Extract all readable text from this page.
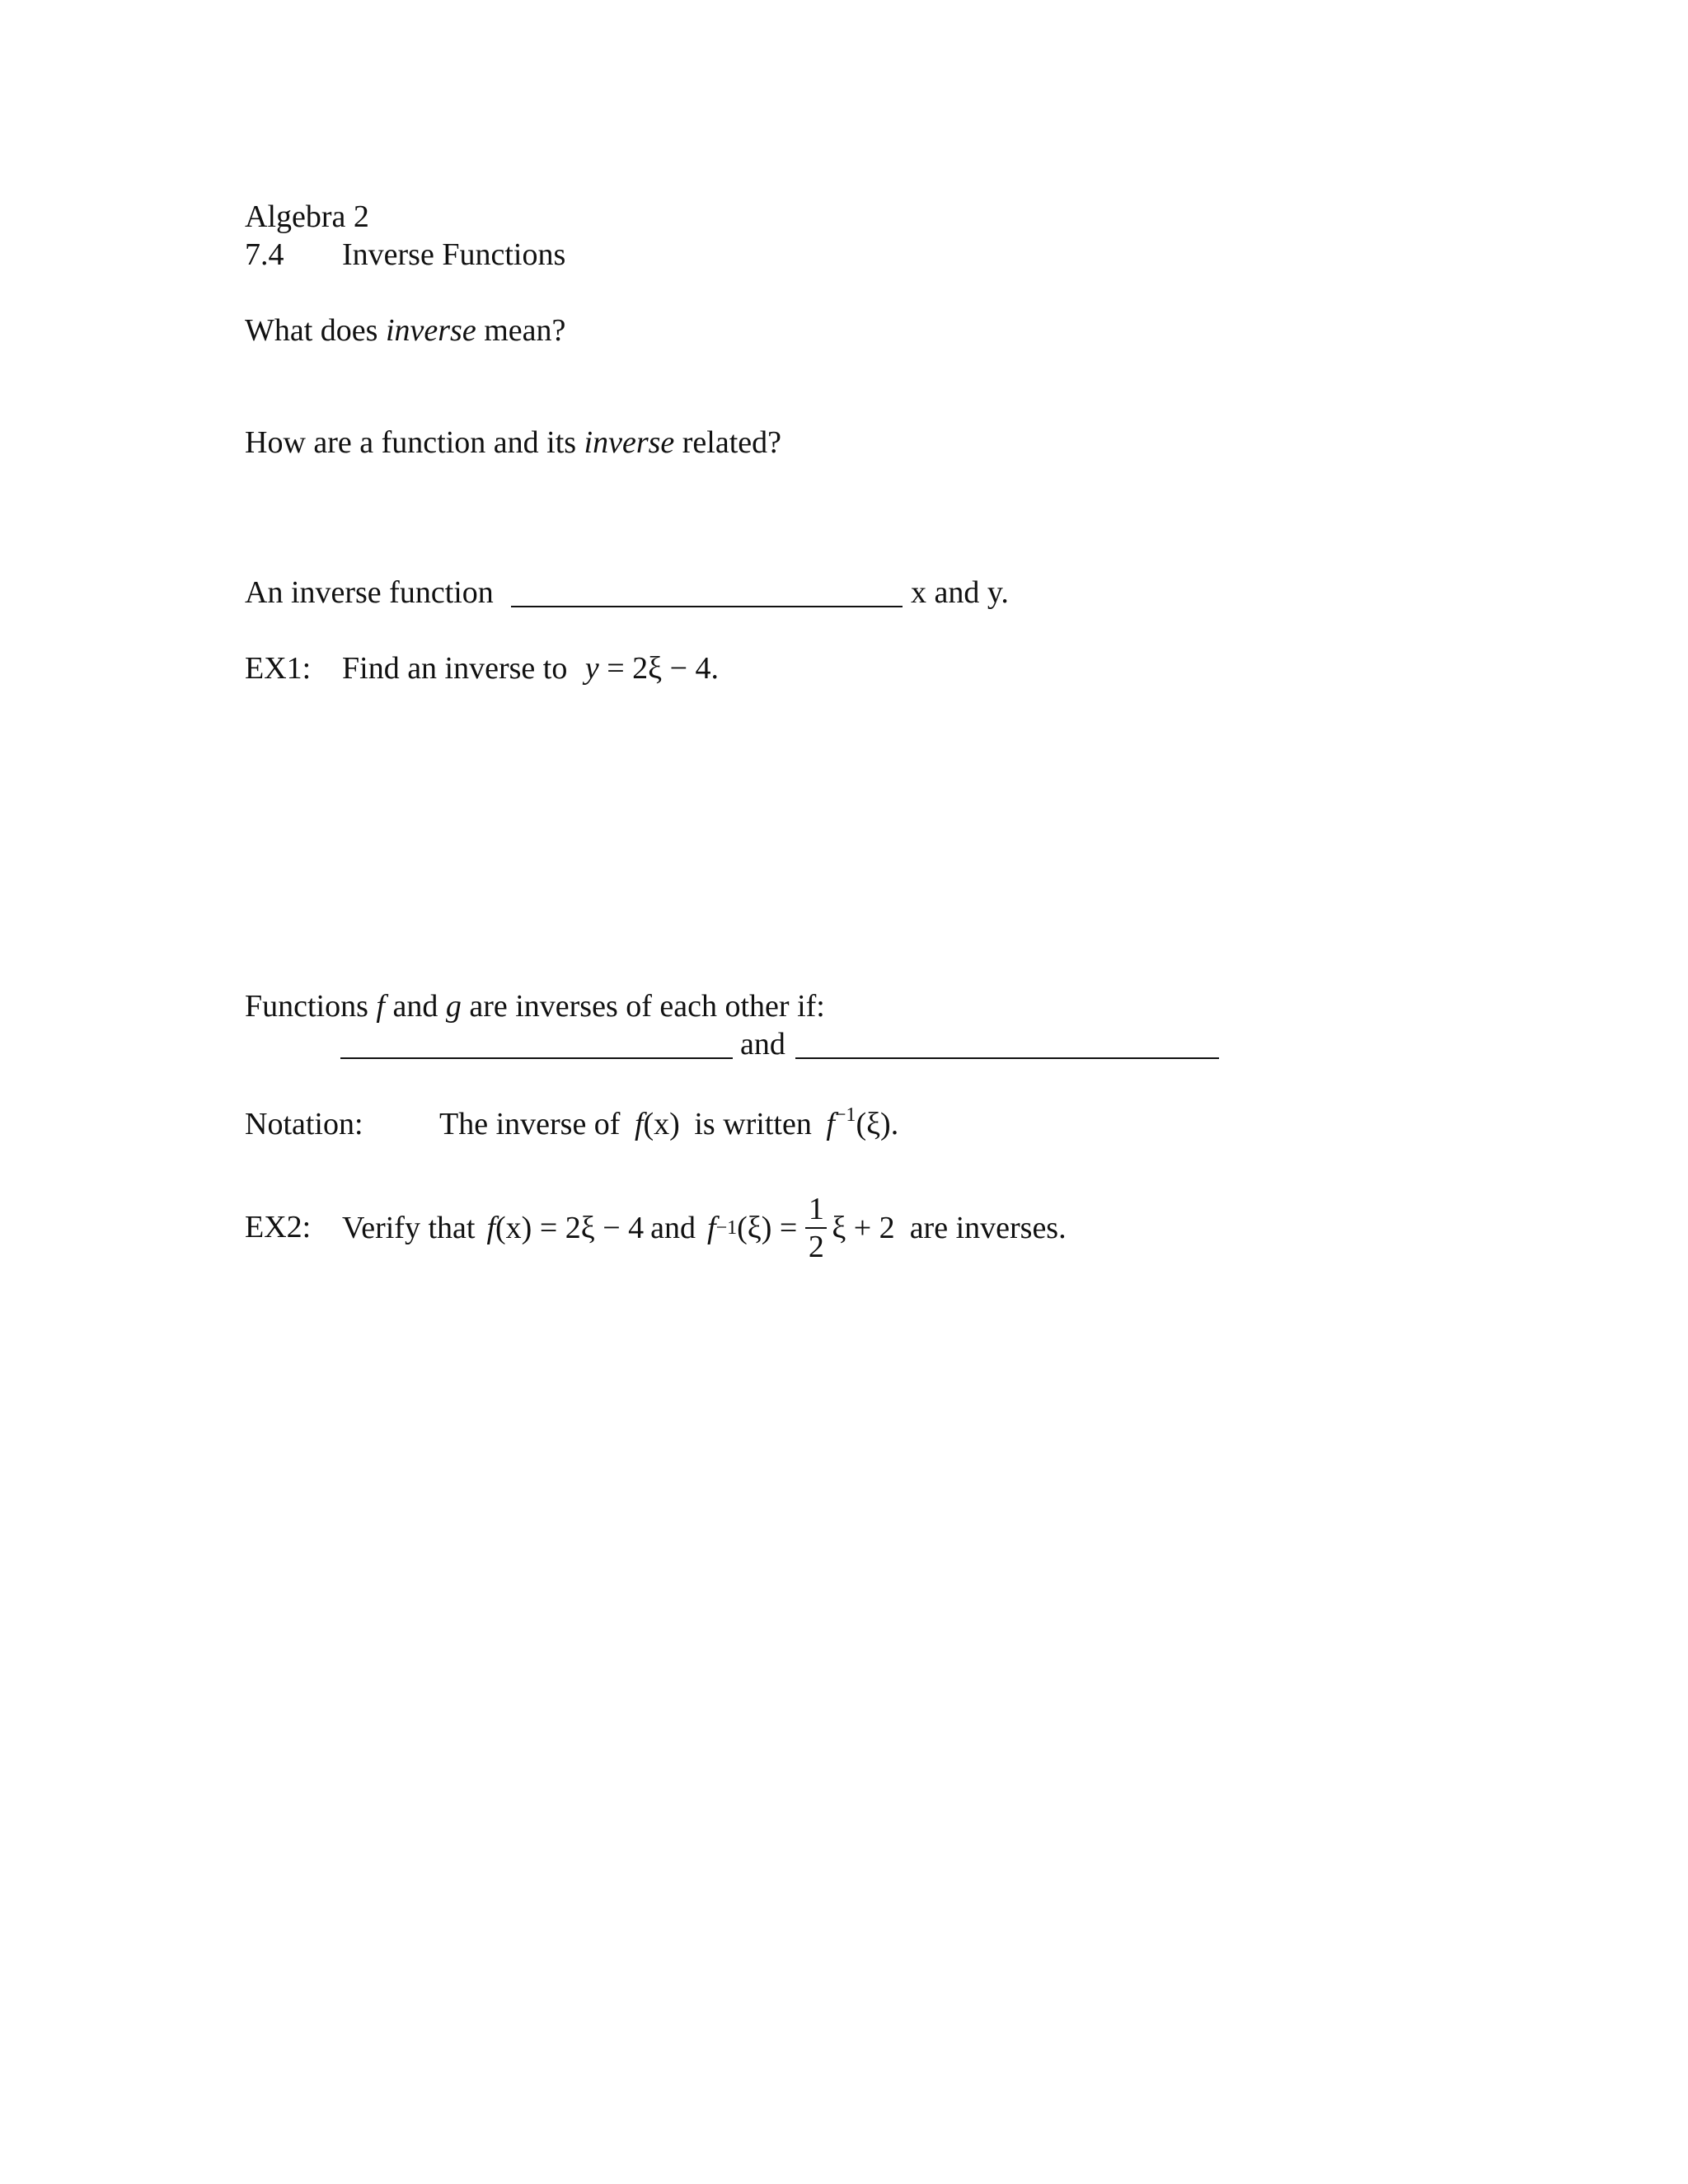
Algebra 2
7.4 Inverse Functions
What does inverse mean?
How are a function and its inverse related?
An inverse function	x and y.
EX1: Find an inverse to y = 2ξ − 4.
Functions f and g are inverses of each other if:
and
Notation: The inverse of f(x) is written $f^{-1}(\xi)$.
EX2: Verify that f (x) = 2ξ − 4 and f −1 $(\xi) = \frac{1}{2}$ ξ + 2 are inverses.
